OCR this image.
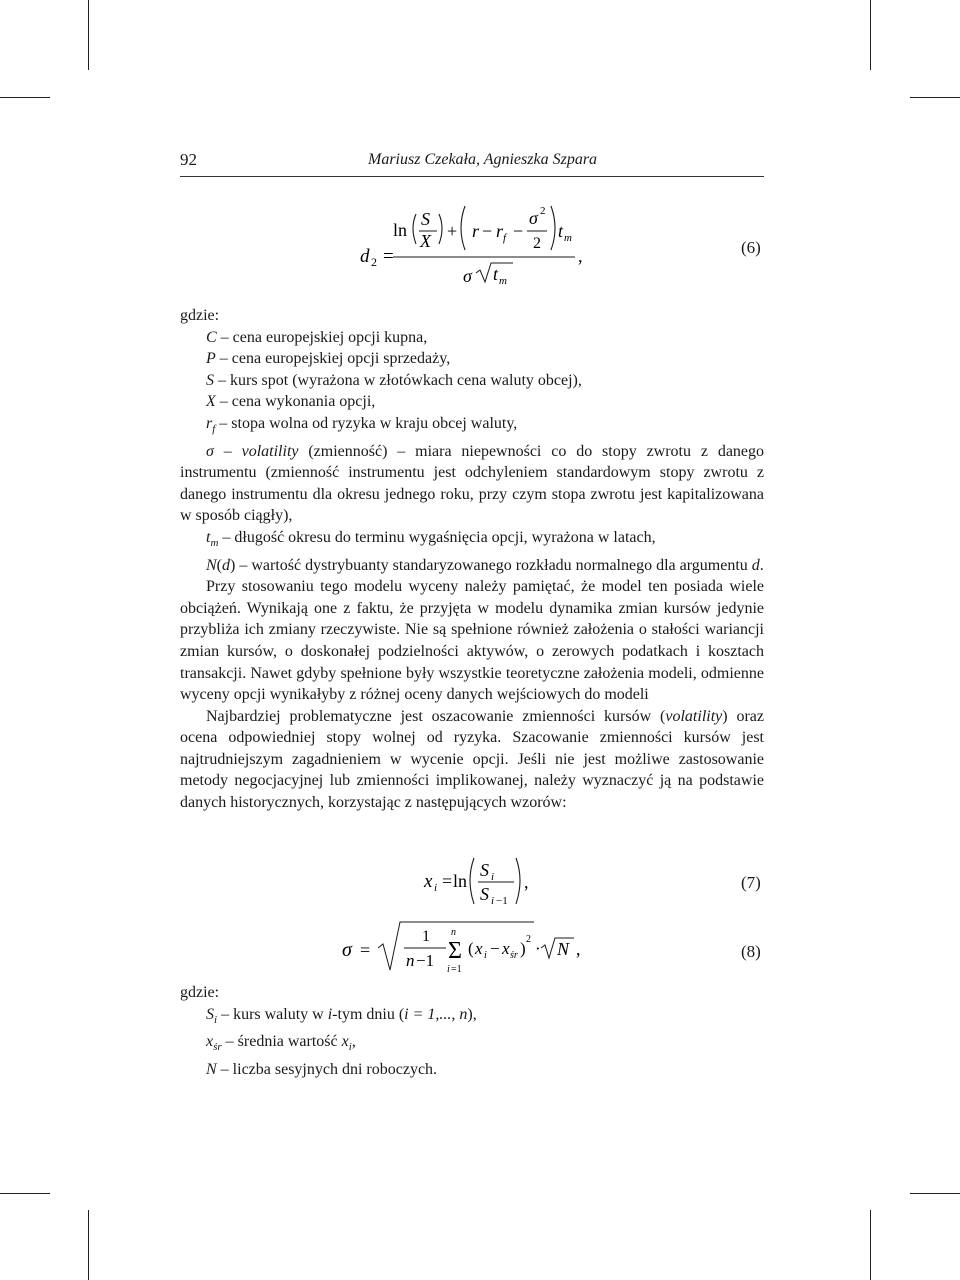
92	Mariusz Czekała, Agnieszka Szpara
d 2 =
ln
S
X + r − r f −
σ 2
2
t m
σ t m
,	(6)

gdzie:

C – cena europejskiej opcji kupna,

P – cena europejskiej opcji sprzedaży,

S – kurs spot (wyrażona w złotówkach cena waluty obcej),

X – cena wykonania opcji,

$r_f$ – stopa wolna od ryzyka w kraju obcej waluty,

σ – volatility (zmienność) – miara niepewności co do stopy zwrotu z danego instrumentu (zmienność instrumentu jest odchyleniem standardowym stopy zwrotu z danego instrumentu dla okresu jednego roku, przy czym stopa zwrotu jest kapitalizowana w sposób ciągły),

$t_m$ – długość okresu do terminu wygaśnięcia opcji, wyrażona w latach,

N(d) – wartość dystrybuanty standaryzowanego rozkładu normalnego dla argumentu d.

Przy stosowaniu tego modelu wyceny należy pamiętać, że model ten posiada wiele obciążeń. Wynikają one z faktu, że przyjęta w modelu dynamika zmian kursów jedynie przybliża ich zmiany rzeczywiste. Nie są spełnione również założenia o stałości wariancji zmian kursów, o doskonałej podzielności aktywów, o zerowych podatkach i kosztach transakcji. Nawet gdyby spełnione były wszystkie teoretyczne założenia modeli, odmienne wyceny opcji wynikałyby z różnej oceny danych wejściowych do modeli

Najbardziej problematyczne jest oszacowanie zmienności kursów (volatility) oraz ocena odpowiedniej stopy wolnej od ryzyka. Szacowanie zmienności kursów jest najtrudniejszym zagadnieniem w wycenie opcji. Jeśli nie jest możliwe zastosowanie metody negocjacyjnej lub zmienności implikowanej, należy wyznaczyć ją na podstawie danych historycznych, korzystając z następujących wzorów:

x i = ln
S i
S i −1
,	(7)
σ =
1
n −1
n
Σ
i =1
( x i − x śr ) 2 · N ,	(8)

gdzie:

$S_i$ – kurs waluty w i-tym dniu (i = 1,..., n),

$x_{śr}$ – średnia wartość $x_i$,

N – liczba sesyjnych dni roboczych.
